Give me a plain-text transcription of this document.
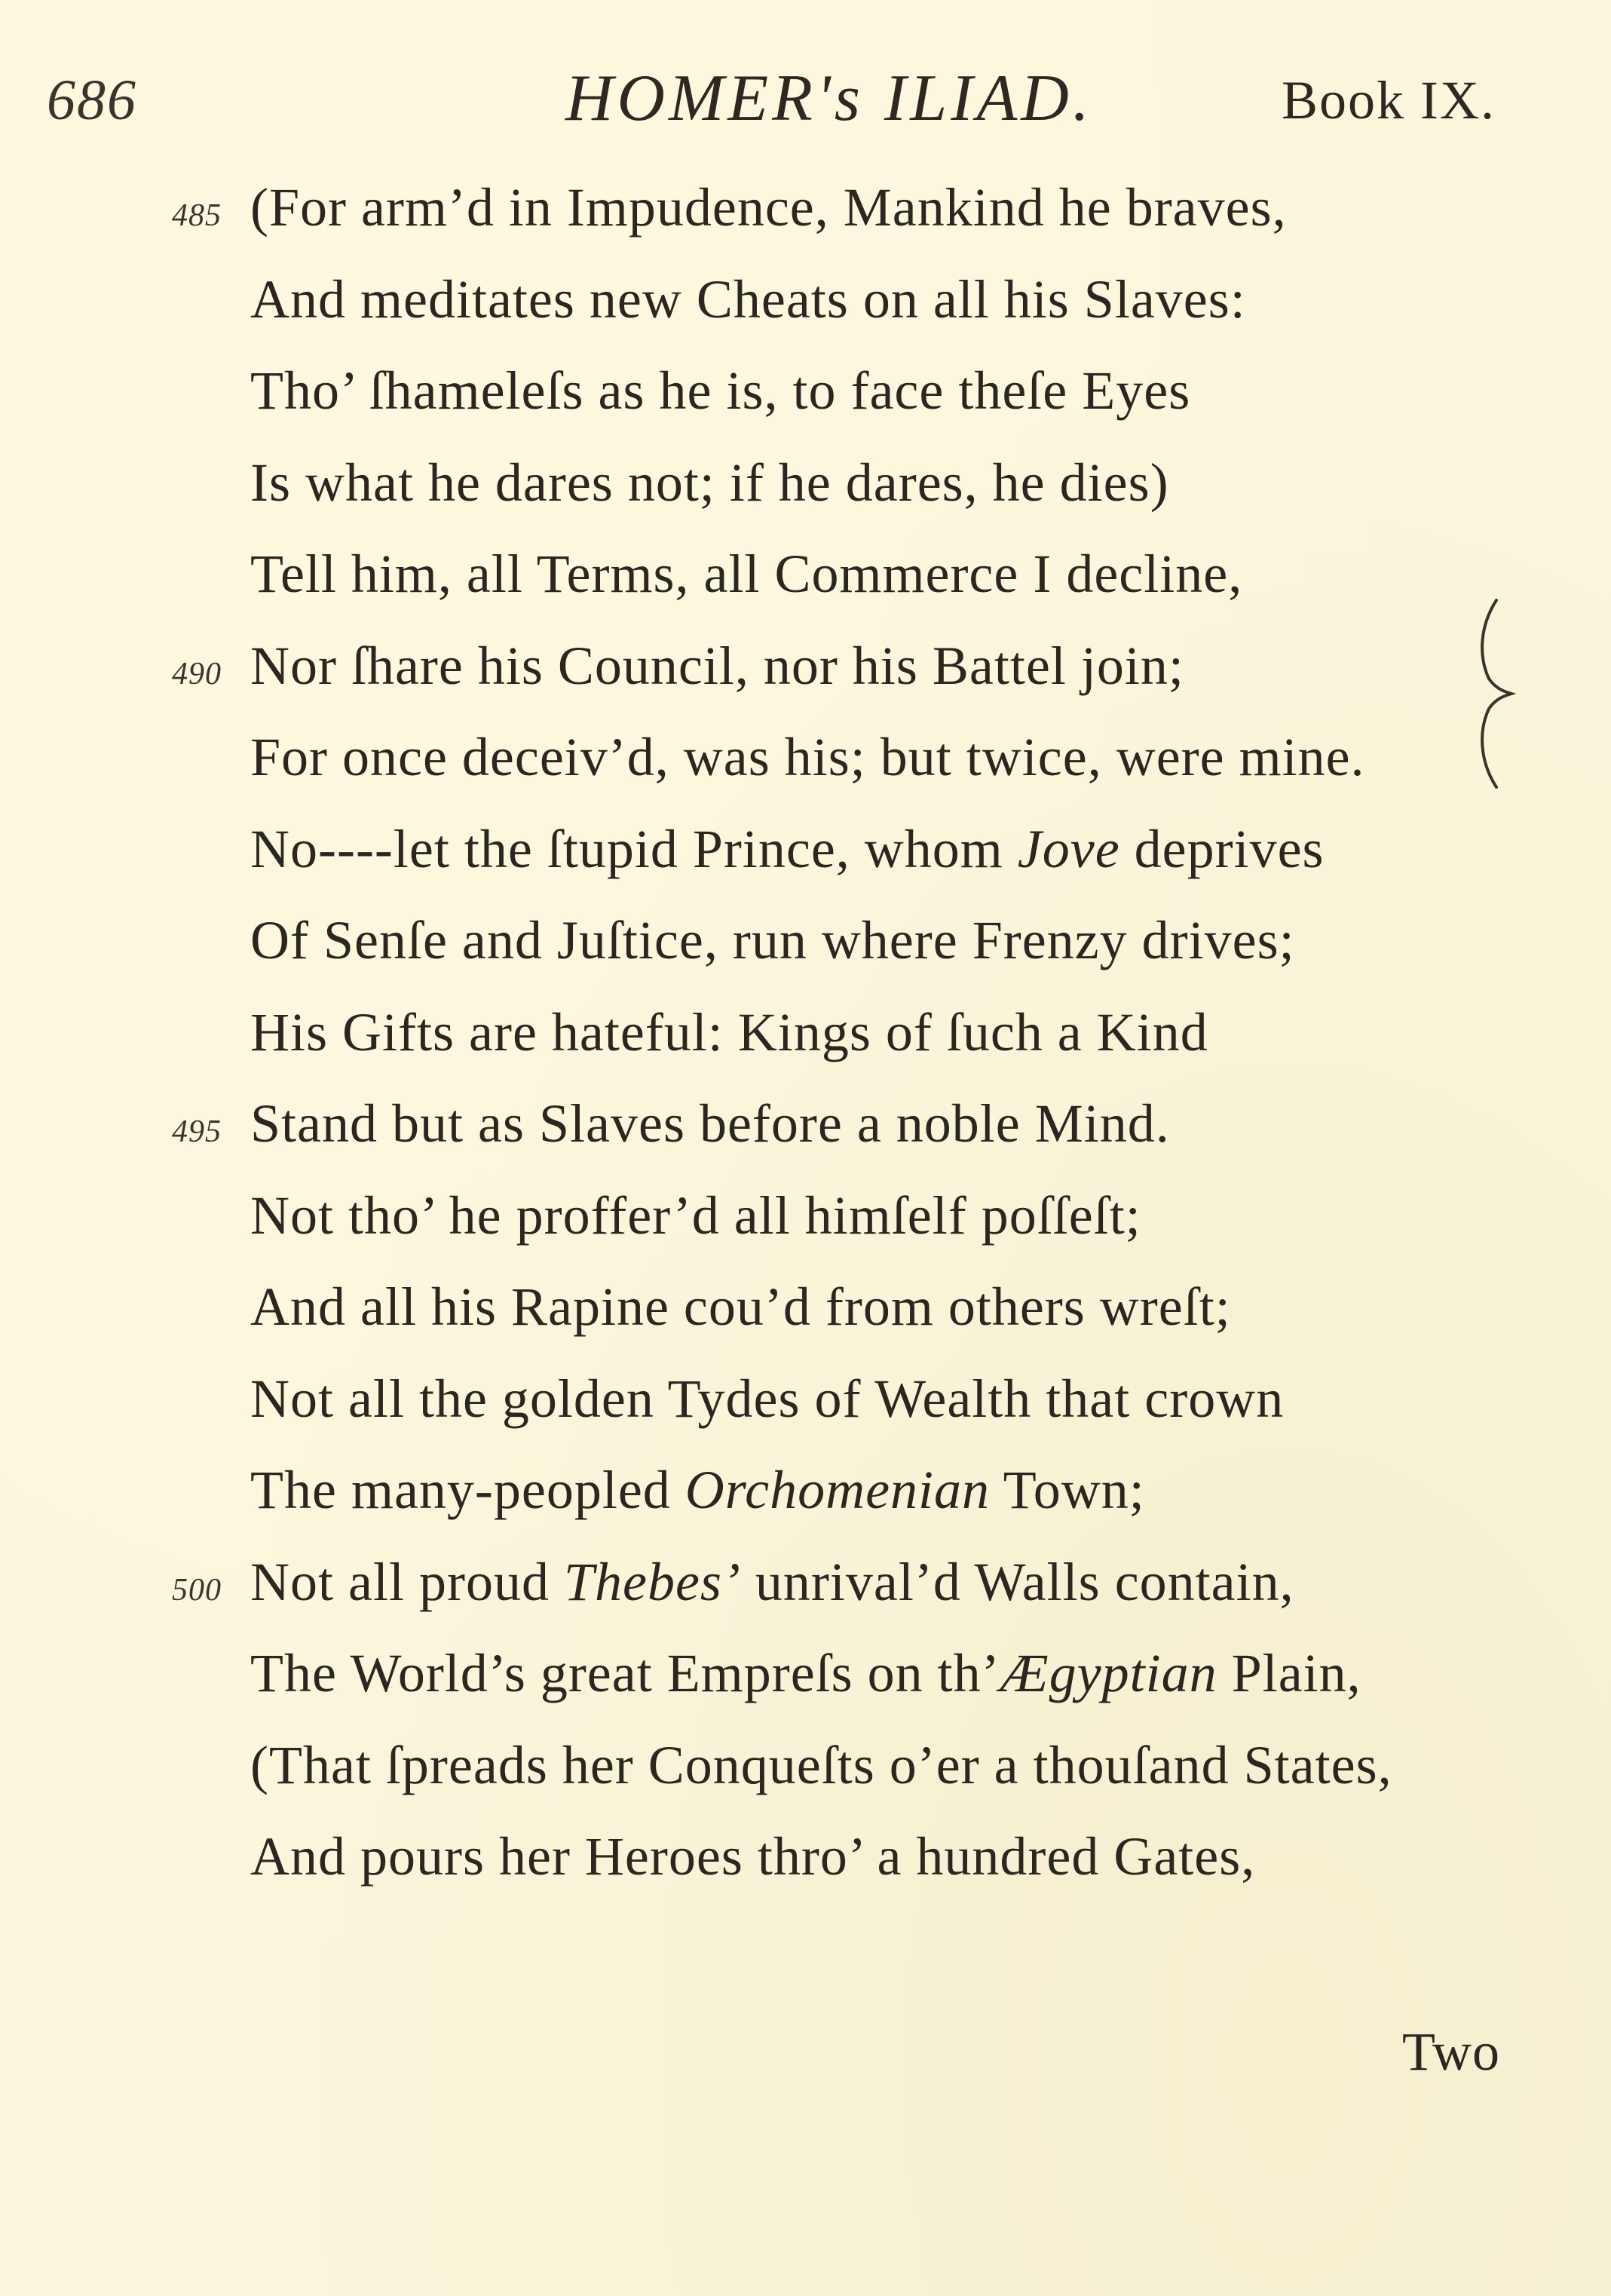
686	HOMER's ILIAD.	Book IX.
485 (For arm’d in Impudence, Mankind he braves,
And meditates new Cheats on all his Slaves:
Tho’ ſhameleſs as he is, to face theſe Eyes
Is what he dares not; if he dares, he dies)
Tell him, all Terms, all Commerce I decline,
490 Nor ſhare his Council, nor his Battel join;
For once deceiv’d, was his; but twice, were mine.
No----let the ſtupid Prince, whom Jove deprives
Of Senſe and Juſtice, run where Frenzy drives;
His Gifts are hateful: Kings of ſuch a Kind
495 Stand but as Slaves before a noble Mind.
Not tho’ he proffer’d all himſelf poſſeſt;
And all his Rapine cou’d from others wreſt;
Not all the golden Tydes of Wealth that crown
The many-peopled Orchomenian Town;
500 Not all proud Thebes’ unrival’d Walls contain,
The World’s great Empreſs on th’Ægyptian Plain,
(That ſpreads her Conqueſts o’er a thouſand States,
And pours her Heroes thro’ a hundred Gates,
Two
